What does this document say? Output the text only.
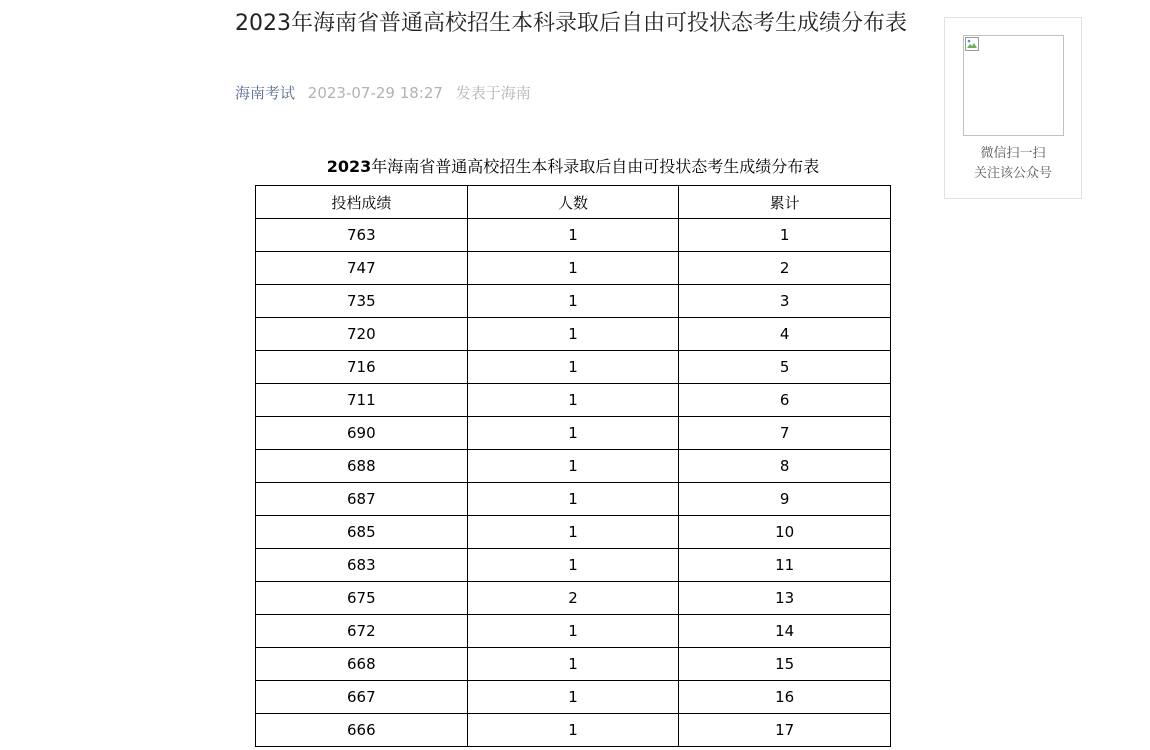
2023年海南省普通高校招生本科录取后自由可投状态考生成绩分布表
海南考试 2023-07-29 18:27 发表于海南
2023年海南省普通高校招生本科录取后自由可投状态考生成绩分布表
投档成绩	人数	累计
763	1	1
747	1	2
735	1	3
720	1	4
716	1	5
711	1	6
690	1	7
688	1	8
687	1	9
685	1	10
683	1	11
675	2	13
672	1	14
668	1	15
667	1	16
666	1	17
微信扫一扫
关注该公众号
